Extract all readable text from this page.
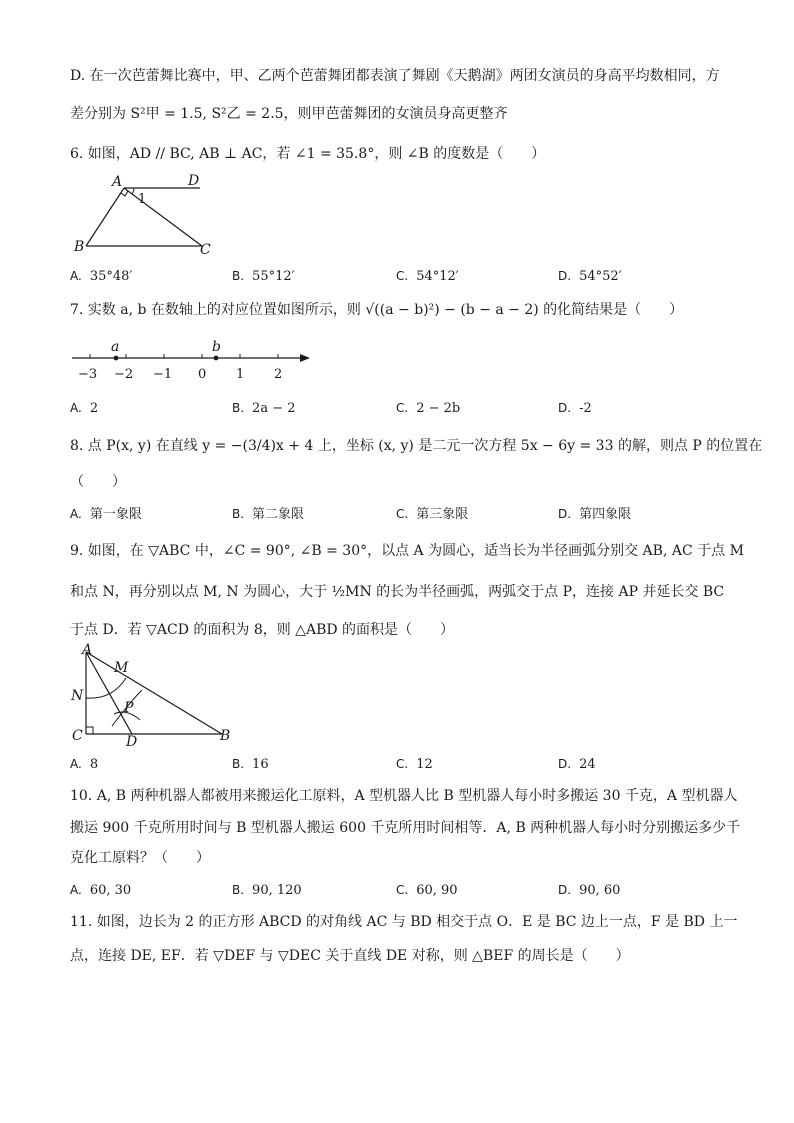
D. 在一次芭蕾舞比赛中，甲、乙两个芭蕾舞团都表演了舞剧《天鹅湖》两团女演员的身高平均数相同，方
差分别为 S²甲 = 1.5, S²乙 = 2.5，则甲芭蕾舞团的女演员身高更整齐
6. 如图，AD // BC, AB ⊥ AC，若 ∠1 = 35.8°，则 ∠B 的度数是（　　）
A	D
B	C
1
A. 35°48′	B. 55°12′	C. 54°12′	D. 54°52′
7. 实数 a, b 在数轴上的对应位置如图所示，则 √((a − b)²) − (b − a − 2) 的化简结果是（　　）
a	b
−3 −2 −1 0 1 2
A. 2	B. 2a − 2	C. 2 − 2b	D. -2
8. 点 P(x, y) 在直线 y = −(3/4)x + 4 上，坐标 (x, y) 是二元一次方程 5x − 6y = 33 的解，则点 P 的位置在
（　　）
A. 第一象限	B. 第二象限	C. 第三象限	D. 第四象限
9. 如图，在 ▽ABC 中，∠C = 90°, ∠B = 30°，以点 A 为圆心，适当长为半径画弧分别交 AB, AC 于点 M
和点 N，再分别以点 M, N 为圆心，大于 ½MN 的长为半径画弧，两弧交于点 P，连接 AP 并延长交 BC
于点 D．若 ▽ACD 的面积为 8，则 △ABD 的面积是（　　）
A
M
N
P
C	D	B
A. 8	B. 16	C. 12	D. 24
10. A, B 两种机器人都被用来搬运化工原料，A 型机器人比 B 型机器人每小时多搬运 30 千克，A 型机器人
搬运 900 千克所用时间与 B 型机器人搬运 600 千克所用时间相等．A, B 两种机器人每小时分别搬运多少千
克化工原料？（　　）
A. 60, 30	B. 90, 120	C. 60, 90	D. 90, 60
11. 如图，边长为 2 的正方形 ABCD 的对角线 AC 与 BD 相交于点 O．E 是 BC 边上一点，F 是 BD 上一
点，连接 DE, EF．若 ▽DEF 与 ▽DEC 关于直线 DE 对称，则 △BEF 的周长是（　　）
